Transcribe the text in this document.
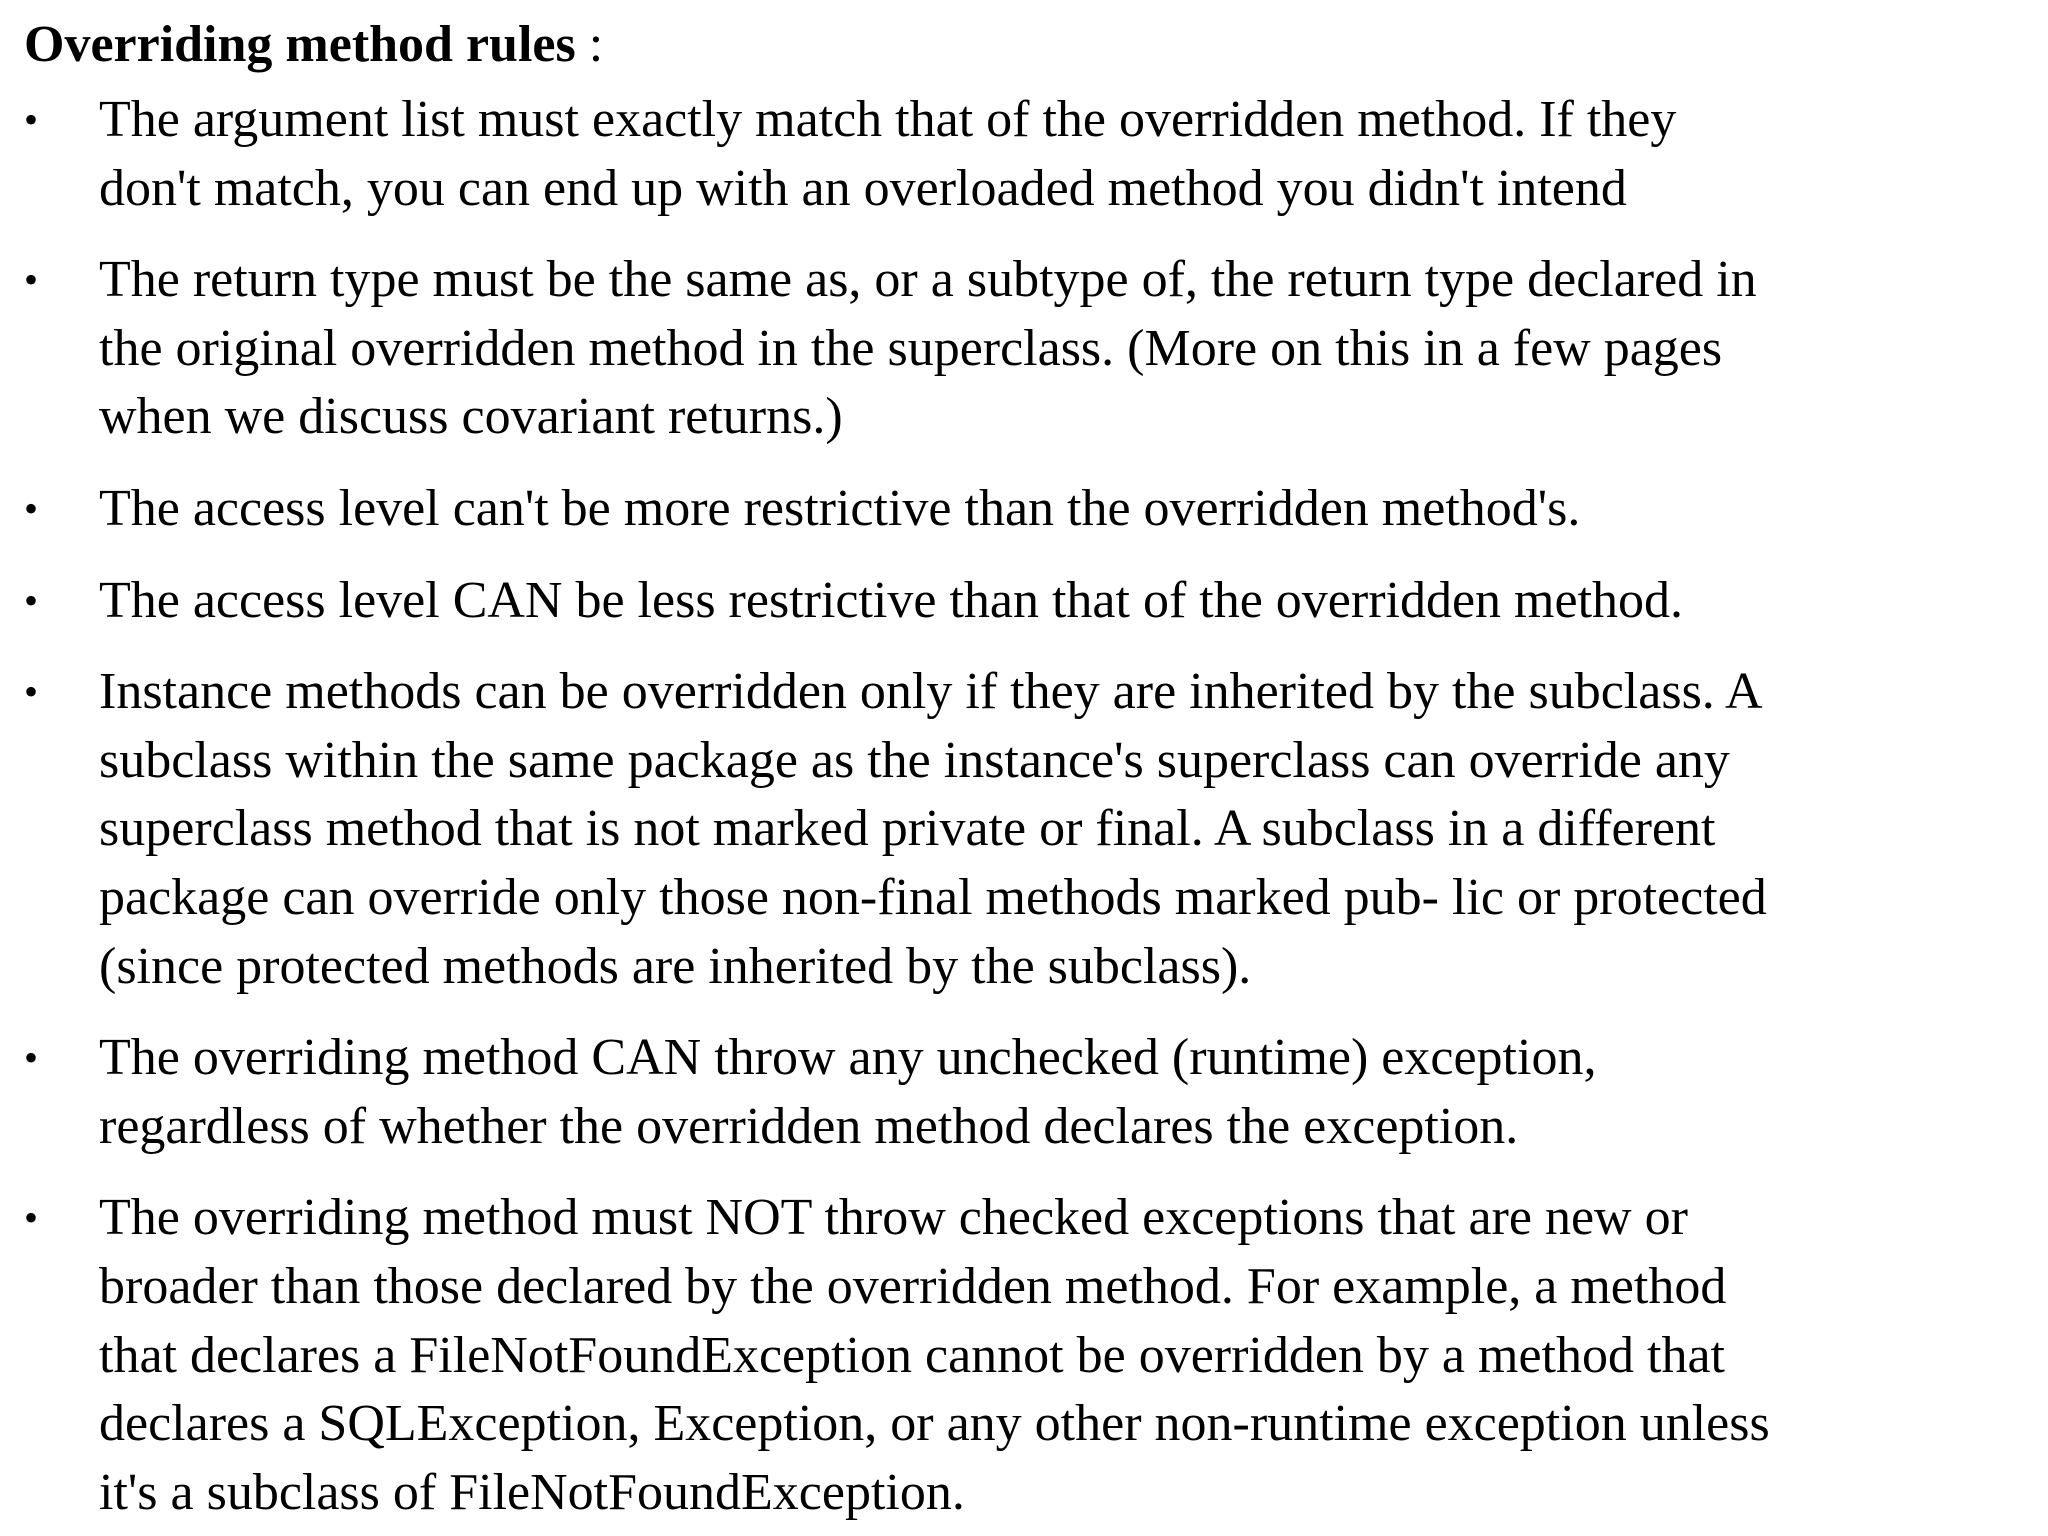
Overriding method rules :
•	The argument list must exactly match that of the overridden method. If they
don't match, you can end up with an overloaded method you didn't intend
•	The return type must be the same as, or a subtype of, the return type declared in
the original overridden method in the superclass. (More on this in a few pages
when we discuss covariant returns.)
•	The access level can't be more restrictive than the overridden method's.
•	The access level CAN be less restrictive than that of the overridden method.
•	Instance methods can be overridden only if they are inherited by the subclass. A
subclass within the same package as the instance's superclass can override any
superclass method that is not marked private or final. A subclass in a different
package can override only those non-final methods marked pub- lic or protected
(since protected methods are inherited by the subclass).
•	The overriding method CAN throw any unchecked (runtime) exception,
regardless of whether the overridden method declares the exception.
•	The overriding method must NOT throw checked exceptions that are new or
broader than those declared by the overridden method. For example, a method
that declares a FileNotFoundException cannot be overridden by a method that
declares a SQLException, Exception, or any other non-runtime exception unless
it's a subclass of FileNotFoundException.
